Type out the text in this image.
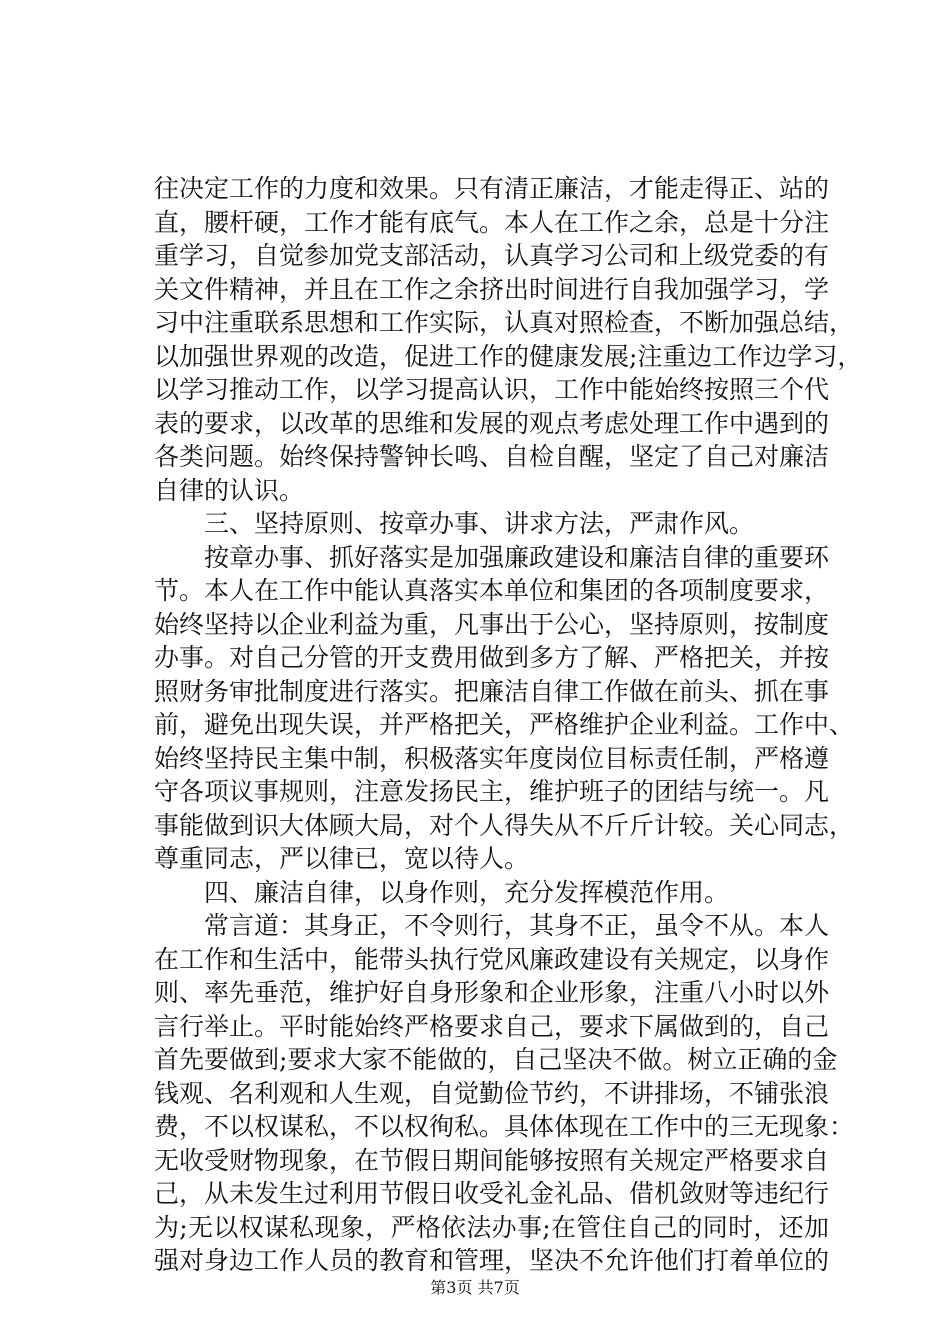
往决定工作的力度和效果。只有清正廉洁，才能走得正、站的
直，腰杆硬，工作才能有底气。本人在工作之余，总是十分注
重学习，自觉参加党支部活动，认真学习公司和上级党委的有
关文件精神，并且在工作之余挤出时间进行自我加强学习，学
习中注重联系思想和工作实际，认真对照检查，不断加强总结，
以加强世界观的改造，促进工作的健康发展;注重边工作边学习，
以学习推动工作，以学习提高认识，工作中能始终按照三个代
表的要求，以改革的思维和发展的观点考虑处理工作中遇到的
各类问题。始终保持警钟长鸣、自检自醒，坚定了自己对廉洁
自律的认识。
三、坚持原则、按章办事、讲求方法，严肃作风。
按章办事、抓好落实是加强廉政建设和廉洁自律的重要环
节。本人在工作中能认真落实本单位和集团的各项制度要求，
始终坚持以企业利益为重，凡事出于公心，坚持原则，按制度
办事。对自己分管的开支费用做到多方了解、严格把关，并按
照财务审批制度进行落实。把廉洁自律工作做在前头、抓在事
前，避免出现失误，并严格把关，严格维护企业利益。工作中、
始终坚持民主集中制，积极落实年度岗位目标责任制，严格遵
守各项议事规则，注意发扬民主，维护班子的团结与统一。凡
事能做到识大体顾大局，对个人得失从不斤斤计较。关心同志，
尊重同志，严以律已，宽以待人。
四、廉洁自律，以身作则，充分发挥模范作用。
常言道：其身正，不令则行，其身不正，虽令不从。本人
在工作和生活中，能带头执行党风廉政建设有关规定，以身作
则、率先垂范，维护好自身形象和企业形象，注重八小时以外
言行举止。平时能始终严格要求自己，要求下属做到的，自己
首先要做到;要求大家不能做的，自己坚决不做。树立正确的金
钱观、名利观和人生观，自觉勤俭节约，不讲排场，不铺张浪
费，不以权谋私，不以权徇私。具体体现在工作中的三无现象：
无收受财物现象，在节假日期间能够按照有关规定严格要求自
己，从未发生过利用节假日收受礼金礼品、借机敛财等违纪行
为;无以权谋私现象，严格依法办事;在管住自己的同时，还加
强对身边工作人员的教育和管理，坚决不允许他们打着单位的
第3页 共7页
